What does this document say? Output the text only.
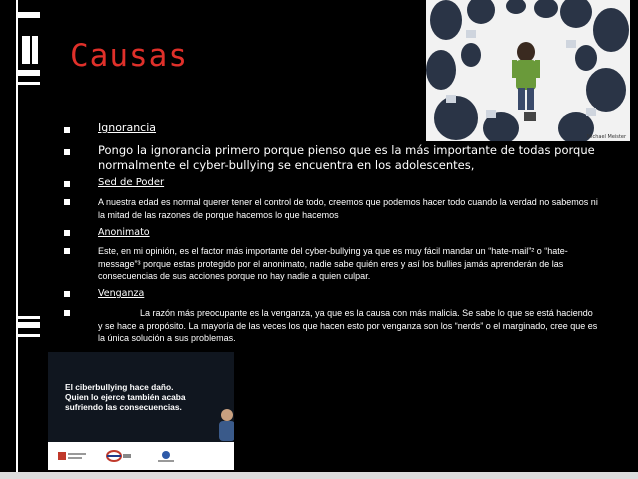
Causas
Michael Meister
Ignorancia
Pongo la ignorancia primero porque pienso que es la más importante de todas porque normalmente el cyber-bullying se encuentra en los adolescentes,
Sed de Poder
A nuestra edad es normal querer tener el control de todo, creemos que podemos hacer todo cuando la verdad no sabemos ni la mitad de las razones de porque hacemos lo que hacemos
Anonimato
Este, en mi opinión, es el factor más importante del cyber-bullying ya que es muy fácil mandar un “hate-mail”² o “hate-message”³ porque estas protegido por el anonimato, nadie sabe quién eres y así los bullies jamás aprenderán de las consecuencias de sus acciones porque no hay nadie a quien culpar.
Venganza
La razón más preocupante es la venganza, ya que es la causa con más malicia. Se sabe lo que se está haciendo y se hace a propósito. La mayoría de las veces los que hacen esto por venganza son los “nerds” o el marginado, cree que es la única solución a sus problemas.
El ciberbullying hace daño.
Quien lo ejerce también acaba
sufriendo las consecuencias.
